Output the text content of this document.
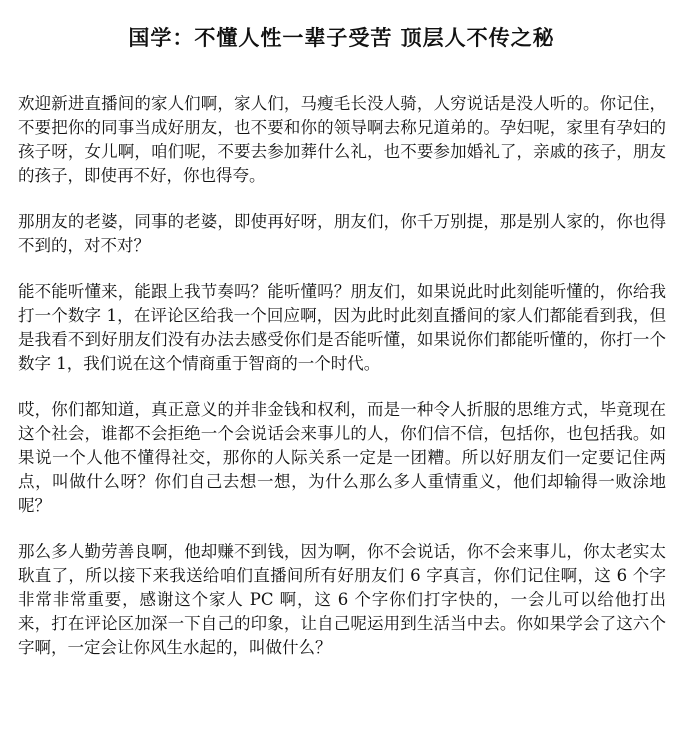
国学：不懂人性一辈子受苦 顶层人不传之秘

欢迎新进直播间的家人们啊，家人们，马瘦毛长没人骑，人穷说话是没人听的。你记住，不要把你的同事当成好朋友，也不要和你的领导啊去称兄道弟的。孕妇呢，家里有孕妇的孩子呀，女儿啊，咱们呢，不要去参加葬什么礼，也不要参加婚礼了，亲戚的孩子，朋友的孩子，即使再不好，你也得夸。

那朋友的老婆，同事的老婆，即使再好呀，朋友们，你千万别提，那是别人家的，你也得不到的，对不对？

能不能听懂来，能跟上我节奏吗？能听懂吗？朋友们，如果说此时此刻能听懂的，你给我打一个数字 1，在评论区给我一个回应啊，因为此时此刻直播间的家人们都能看到我，但是我看不到好朋友们没有办法去感受你们是否能听懂，如果说你们都能听懂的，你打一个数字 1，我们说在这个情商重于智商的一个时代。

哎，你们都知道，真正意义的并非金钱和权利，而是一种令人折服的思维方式，毕竟现在这个社会，谁都不会拒绝一个会说话会来事儿的人，你们信不信，包括你，也包括我。如果说一个人他不懂得社交，那你的人际关系一定是一团糟。所以好朋友们一定要记住两点，叫做什么呀？你们自己去想一想，为什么那么多人重情重义，他们却输得一败涂地呢？

那么多人勤劳善良啊，他却赚不到钱，因为啊，你不会说话，你不会来事儿，你太老实太耿直了，所以接下来我送给咱们直播间所有好朋友们 6 字真言，你们记住啊，这 6 个字非常非常重要，感谢这个家人 PC 啊，这 6 个字你们打字快的，一会儿可以给他打出来，打在评论区加深一下自己的印象，让自己呢运用到生活当中去。你如果学会了这六个字啊，一定会让你风生水起的，叫做什么？
